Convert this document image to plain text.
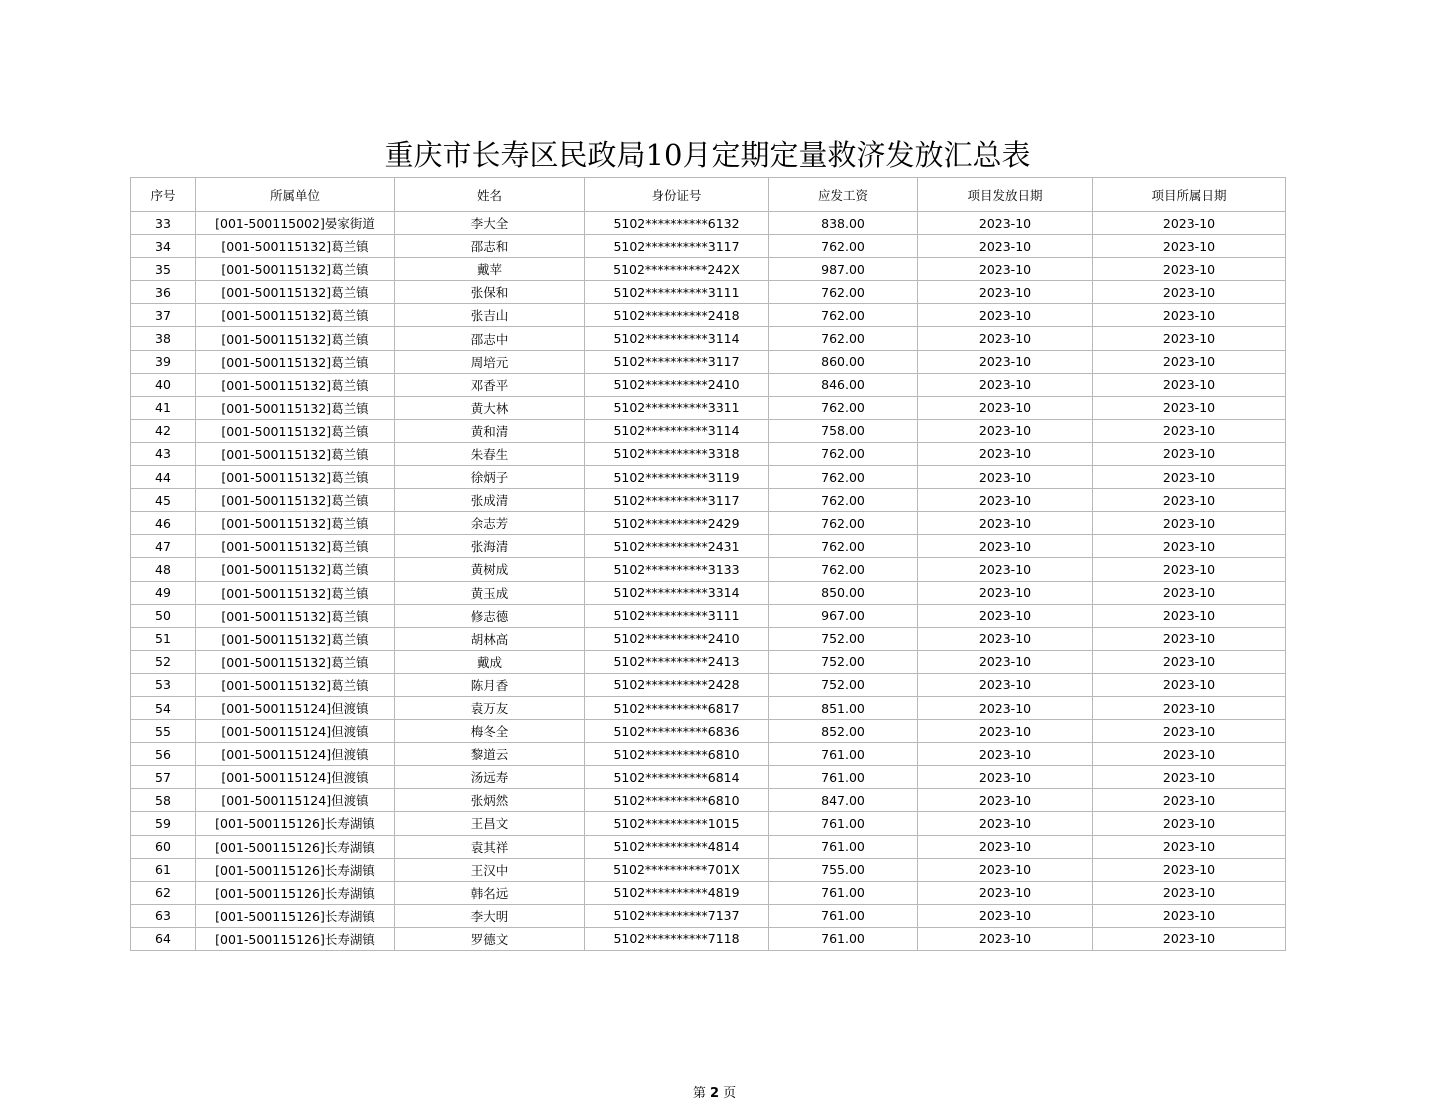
重庆市长寿区民政局10月定期定量救济发放汇总表
序号	所属单位	姓名	身份证号	应发工资	项目发放日期	项目所属日期
33	[001-500115002]晏家街道	李大全	5102**********6132	838.00	2023-10	2023-10
34	[001-500115132]葛兰镇	邵志和	5102**********3117	762.00	2023-10	2023-10
35	[001-500115132]葛兰镇	戴苹	5102**********242X	987.00	2023-10	2023-10
36	[001-500115132]葛兰镇	张保和	5102**********3111	762.00	2023-10	2023-10
37	[001-500115132]葛兰镇	张吉山	5102**********2418	762.00	2023-10	2023-10
38	[001-500115132]葛兰镇	邵志中	5102**********3114	762.00	2023-10	2023-10
39	[001-500115132]葛兰镇	周培元	5102**********3117	860.00	2023-10	2023-10
40	[001-500115132]葛兰镇	邓香平	5102**********2410	846.00	2023-10	2023-10
41	[001-500115132]葛兰镇	黄大林	5102**********3311	762.00	2023-10	2023-10
42	[001-500115132]葛兰镇	黄和清	5102**********3114	758.00	2023-10	2023-10
43	[001-500115132]葛兰镇	朱春生	5102**********3318	762.00	2023-10	2023-10
44	[001-500115132]葛兰镇	徐炳子	5102**********3119	762.00	2023-10	2023-10
45	[001-500115132]葛兰镇	张成清	5102**********3117	762.00	2023-10	2023-10
46	[001-500115132]葛兰镇	余志芳	5102**********2429	762.00	2023-10	2023-10
47	[001-500115132]葛兰镇	张海清	5102**********2431	762.00	2023-10	2023-10
48	[001-500115132]葛兰镇	黄树成	5102**********3133	762.00	2023-10	2023-10
49	[001-500115132]葛兰镇	黄玉成	5102**********3314	850.00	2023-10	2023-10
50	[001-500115132]葛兰镇	修志德	5102**********3111	967.00	2023-10	2023-10
51	[001-500115132]葛兰镇	胡林高	5102**********2410	752.00	2023-10	2023-10
52	[001-500115132]葛兰镇	戴成	5102**********2413	752.00	2023-10	2023-10
53	[001-500115132]葛兰镇	陈月香	5102**********2428	752.00	2023-10	2023-10
54	[001-500115124]但渡镇	袁万友	5102**********6817	851.00	2023-10	2023-10
55	[001-500115124]但渡镇	梅冬全	5102**********6836	852.00	2023-10	2023-10
56	[001-500115124]但渡镇	黎道云	5102**********6810	761.00	2023-10	2023-10
57	[001-500115124]但渡镇	汤远寿	5102**********6814	761.00	2023-10	2023-10
58	[001-500115124]但渡镇	张炳然	5102**********6810	847.00	2023-10	2023-10
59	[001-500115126]长寿湖镇	王昌文	5102**********1015	761.00	2023-10	2023-10
60	[001-500115126]长寿湖镇	袁其祥	5102**********4814	761.00	2023-10	2023-10
61	[001-500115126]长寿湖镇	王汉中	5102**********701X	755.00	2023-10	2023-10
62	[001-500115126]长寿湖镇	韩名远	5102**********4819	761.00	2023-10	2023-10
63	[001-500115126]长寿湖镇	李大明	5102**********7137	761.00	2023-10	2023-10
64	[001-500115126]长寿湖镇	罗德文	5102**********7118	761.00	2023-10	2023-10
第 2 页
